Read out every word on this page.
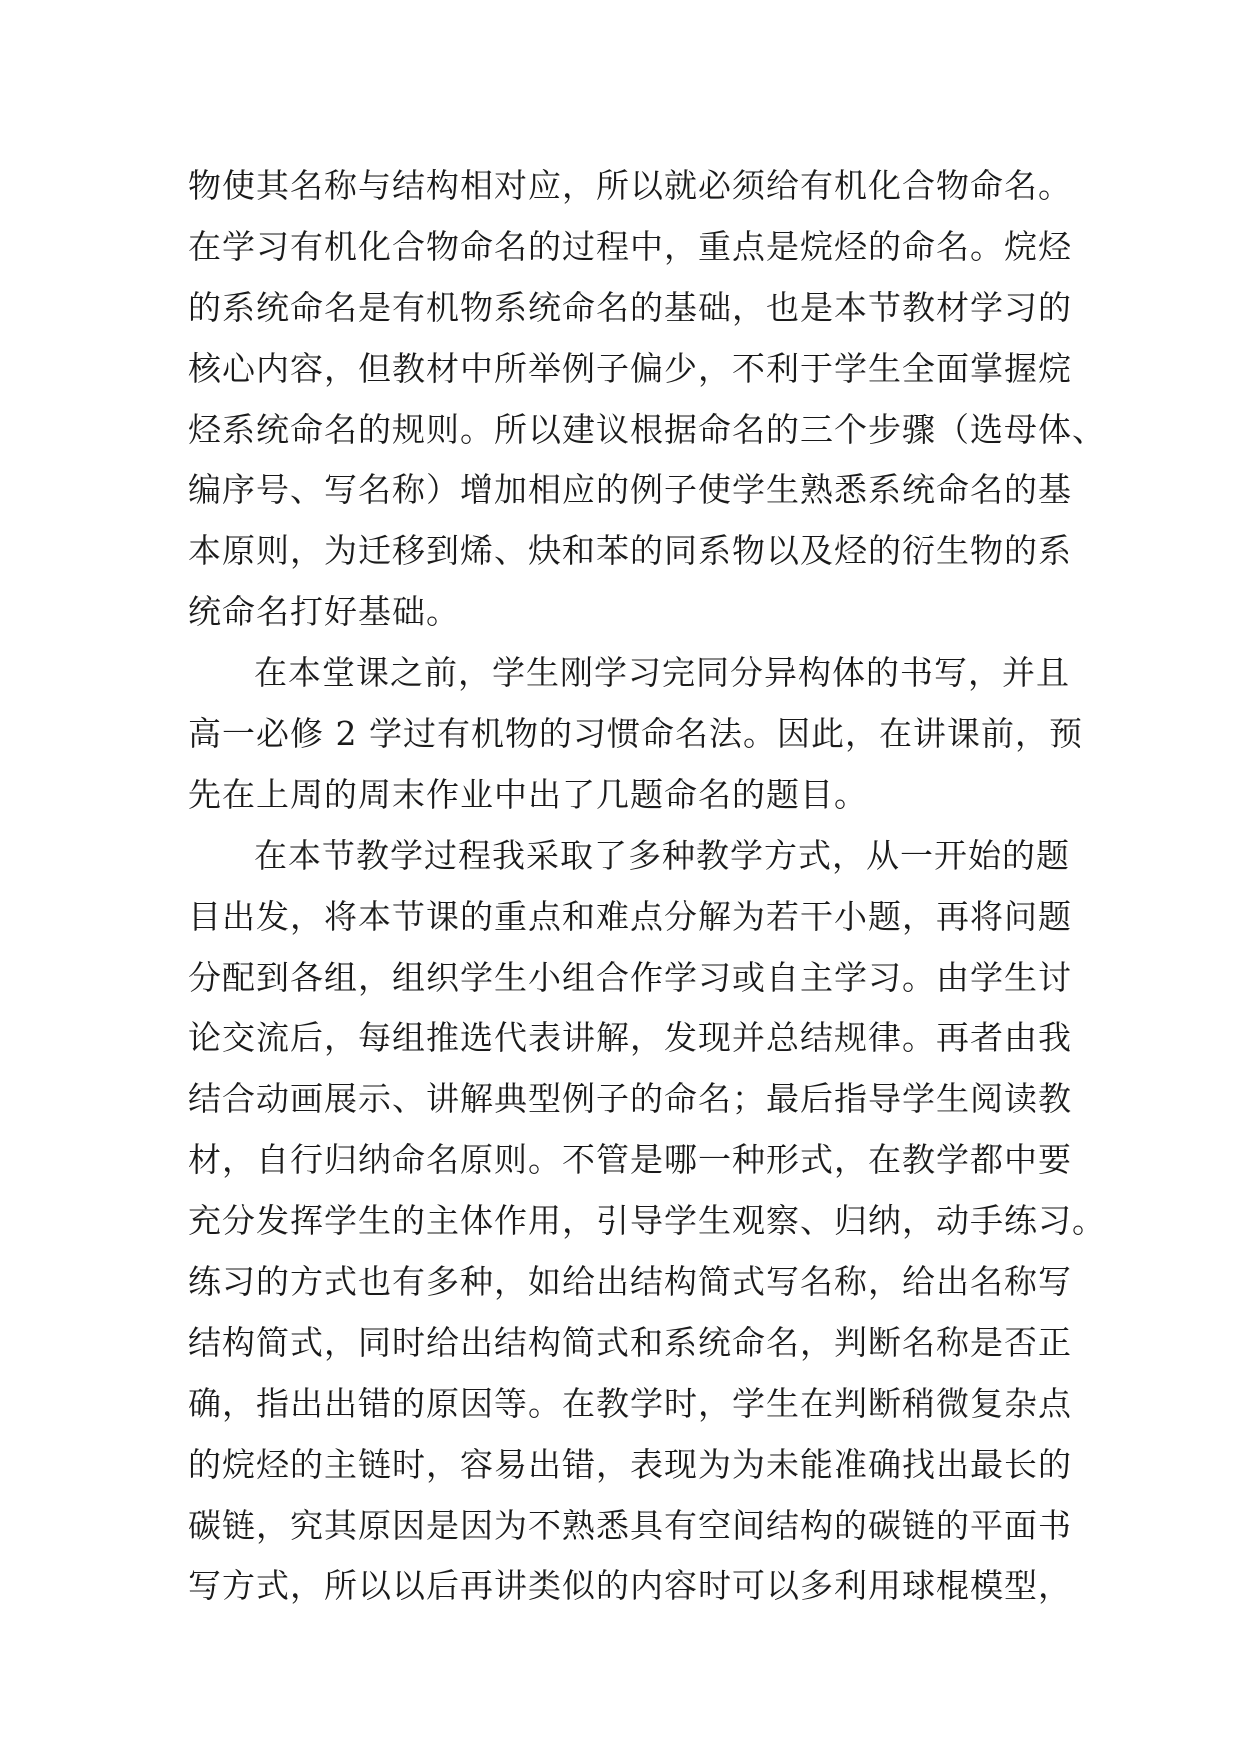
物使其名称与结构相对应，所以就必须给有机化合物命名。
在学习有机化合物命名的过程中，重点是烷烃的命名。烷烃
的系统命名是有机物系统命名的基础，也是本节教材学习的
核心内容，但教材中所举例子偏少，不利于学生全面掌握烷
烃系统命名的规则。所以建议根据命名的三个步骤（选母体、
编序号、写名称）增加相应的例子使学生熟悉系统命名的基
本原则，为迁移到烯、炔和苯的同系物以及烃的衍生物的系
统命名打好基础。
在本堂课之前，学生刚学习完同分异构体的书写，并且
高一必修 2 学过有机物的习惯命名法。因此，在讲课前，预
先在上周的周末作业中出了几题命名的题目。
在本节教学过程我采取了多种教学方式，从一开始的题
目出发，将本节课的重点和难点分解为若干小题，再将问题
分配到各组，组织学生小组合作学习或自主学习。由学生讨
论交流后，每组推选代表讲解，发现并总结规律。再者由我
结合动画展示、讲解典型例子的命名；最后指导学生阅读教
材，自行归纳命名原则。不管是哪一种形式，在教学都中要
充分发挥学生的主体作用，引导学生观察、归纳，动手练习。
练习的方式也有多种，如给出结构简式写名称，给出名称写
结构简式，同时给出结构简式和系统命名，判断名称是否正
确，指出出错的原因等。在教学时，学生在判断稍微复杂点
的烷烃的主链时，容易出错，表现为为未能准确找出最长的
碳链，究其原因是因为不熟悉具有空间结构的碳链的平面书
写方式，所以以后再讲类似的内容时可以多利用球棍模型，
